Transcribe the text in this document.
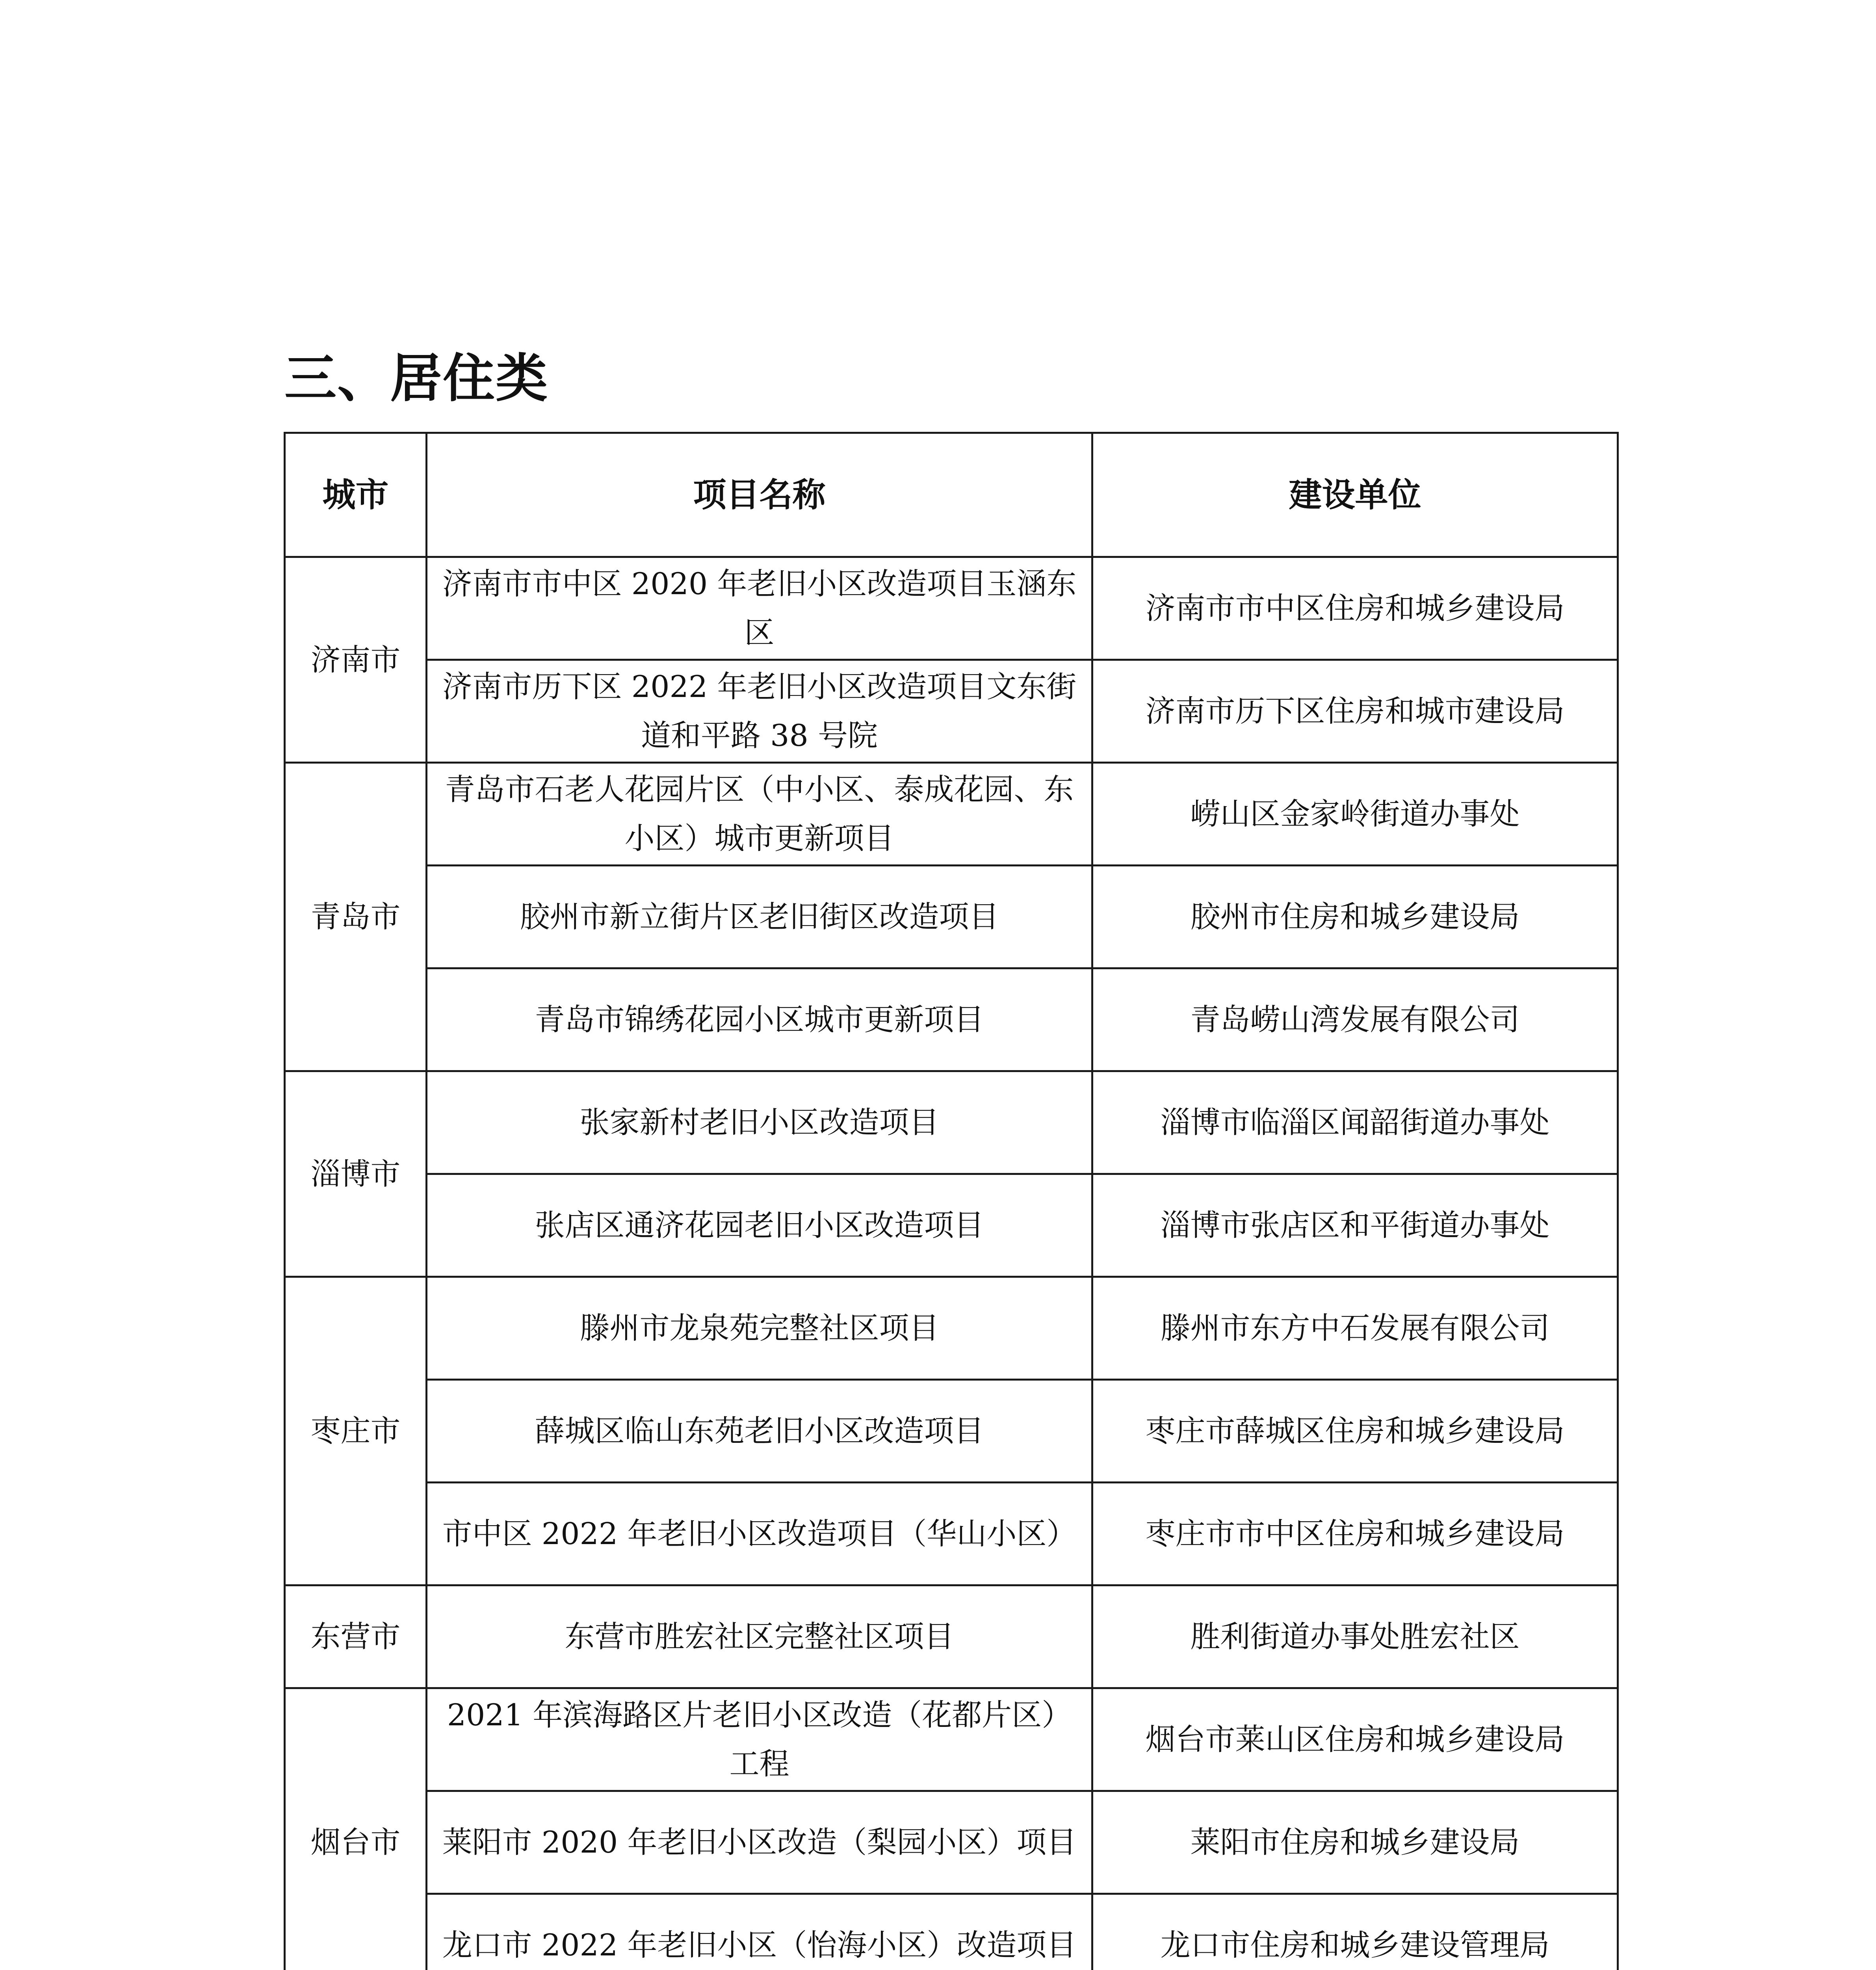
三、居住类
城市	项目名称	建设单位
济南市	济南市市中区 2020 年老旧小区改造项目玉涵东区	济南市市中区住房和城乡建设局
	济南市历下区 2022 年老旧小区改造项目文东街道和平路 38 号院	济南市历下区住房和城市建设局
青岛市	青岛市石老人花园片区（中小区、泰成花园、东小区）城市更新项目	崂山区金家岭街道办事处
	胶州市新立街片区老旧街区改造项目	胶州市住房和城乡建设局
	青岛市锦绣花园小区城市更新项目	青岛崂山湾发展有限公司
淄博市	张家新村老旧小区改造项目	淄博市临淄区闻韶街道办事处
	张店区通济花园老旧小区改造项目	淄博市张店区和平街道办事处
枣庄市	滕州市龙泉苑完整社区项目	滕州市东方中石发展有限公司
	薛城区临山东苑老旧小区改造项目	枣庄市薛城区住房和城乡建设局
	市中区 2022 年老旧小区改造项目（华山小区）	枣庄市市中区住房和城乡建设局
东营市	东营市胜宏社区完整社区项目	胜利街道办事处胜宏社区
烟台市	2021 年滨海路区片老旧小区改造（花都片区）工程	烟台市莱山区住房和城乡建设局
	莱阳市 2020 年老旧小区改造（梨园小区）项目	莱阳市住房和城乡建设局
	龙口市 2022 年老旧小区（怡海小区）改造项目	龙口市住房和城乡建设管理局
